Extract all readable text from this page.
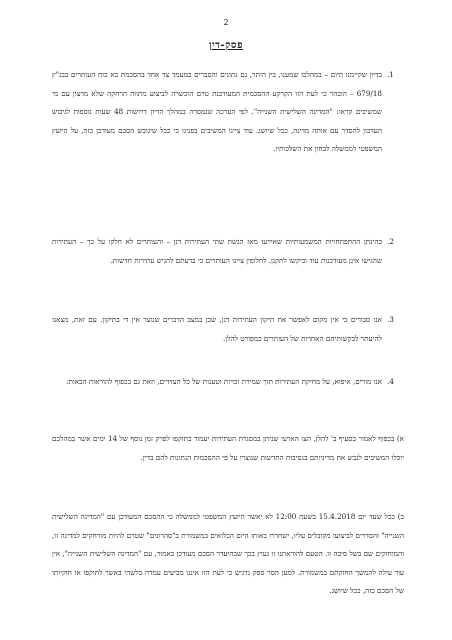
2
פסק-דין
1.
בדיון שקיימנו היום – במהלכו שמענו, בין היתר, גם נתונים והסברים במעמד צד אחד בהסכמת בא כוח העותרים בבג"ץ 679/18 – הובהר כי לעת הזו הקרקע ההסכמית המעודכנת טרם הוכשרה לביצוע מתווה הרחקה שלא מרצון עם מי שמשיבים קראו: "המדינה השלישית השנייה". לפי הערכה שנמסרה במהלך הדיון דרושות 48 שעות נוספות לגיבוש העדכון להסדר עם אותה מדינה, ככל שיושג. עוד ציינו המשיבים בפנינו כי ככל שיגובש הסכם מעודכן כזה, על היועץ המשפטי לממשלה לבחון את השלכותיו.
2.
בהינתן ההתפתחויות המשמעותיות שאירעו מאז הגשת שתי העתירות דנן – והעותרים לא חלקו על כך – העתירות שהגישו אינן מעודכנות עוד וביקשו לתקנן. לחלופין ציינו העותרים כי בדעתם להגיש עתירות חדשות.
3.
אנו סבורים כי אין מקום לאפשר את תיקון העתירות דנן, שכן במצב הדברים שנוצר אין די בתיקון. עם זאת, מצאנו להיעתר לבקשותיהם האחרות של העותרים כמפורט להלן.
4.
אנו מורים, איפוא, על מחיקת העתירות תוך שמירת זכויות וטענות של כל הצדדים, וזאת גם בכפוף להוראות הבאות:
א) בכפוף לאמור בסעיף ב' להלן, הצו הארעי שניתן במסגרת העתירות יעמוד בתוקפו לפרק זמן נוסף של 14 ימים אשר במהלכם יוכלו המשיבים לגבש את מדיניותם בנסיבות החדשות שנוצרו על פי ההסכמות הנתונות להם בדין.
ב) ככל שעד יום 15.4.2018 בשעה 12:00 לא יאשר היועץ המשפטי לממשלה כי ההסכם המעודכן עם "המדינה השלישית השנייה" והסדרים לביצועו מקובלים עליו, ישחררו באותו היום הכלואים במשמורת ב"סהרונים" שטרם להיות מורחקים למדינה זו, והמוחזקים שם בשל סיבה זו. הטעם להוראתנו זו נעוץ בכך שבהיעדר הסכם מעודכן כאמור, עם "המדינה השלישית השנייה", אין עוד עילה להמשך החזקתם במשמורת. למען הסר ספק נדגיש כי לעת הזו איננו מביעים עמדה כלשהי באשר לתוקפו או חוקיותו של הסכם כזה, ככל שיושג.
